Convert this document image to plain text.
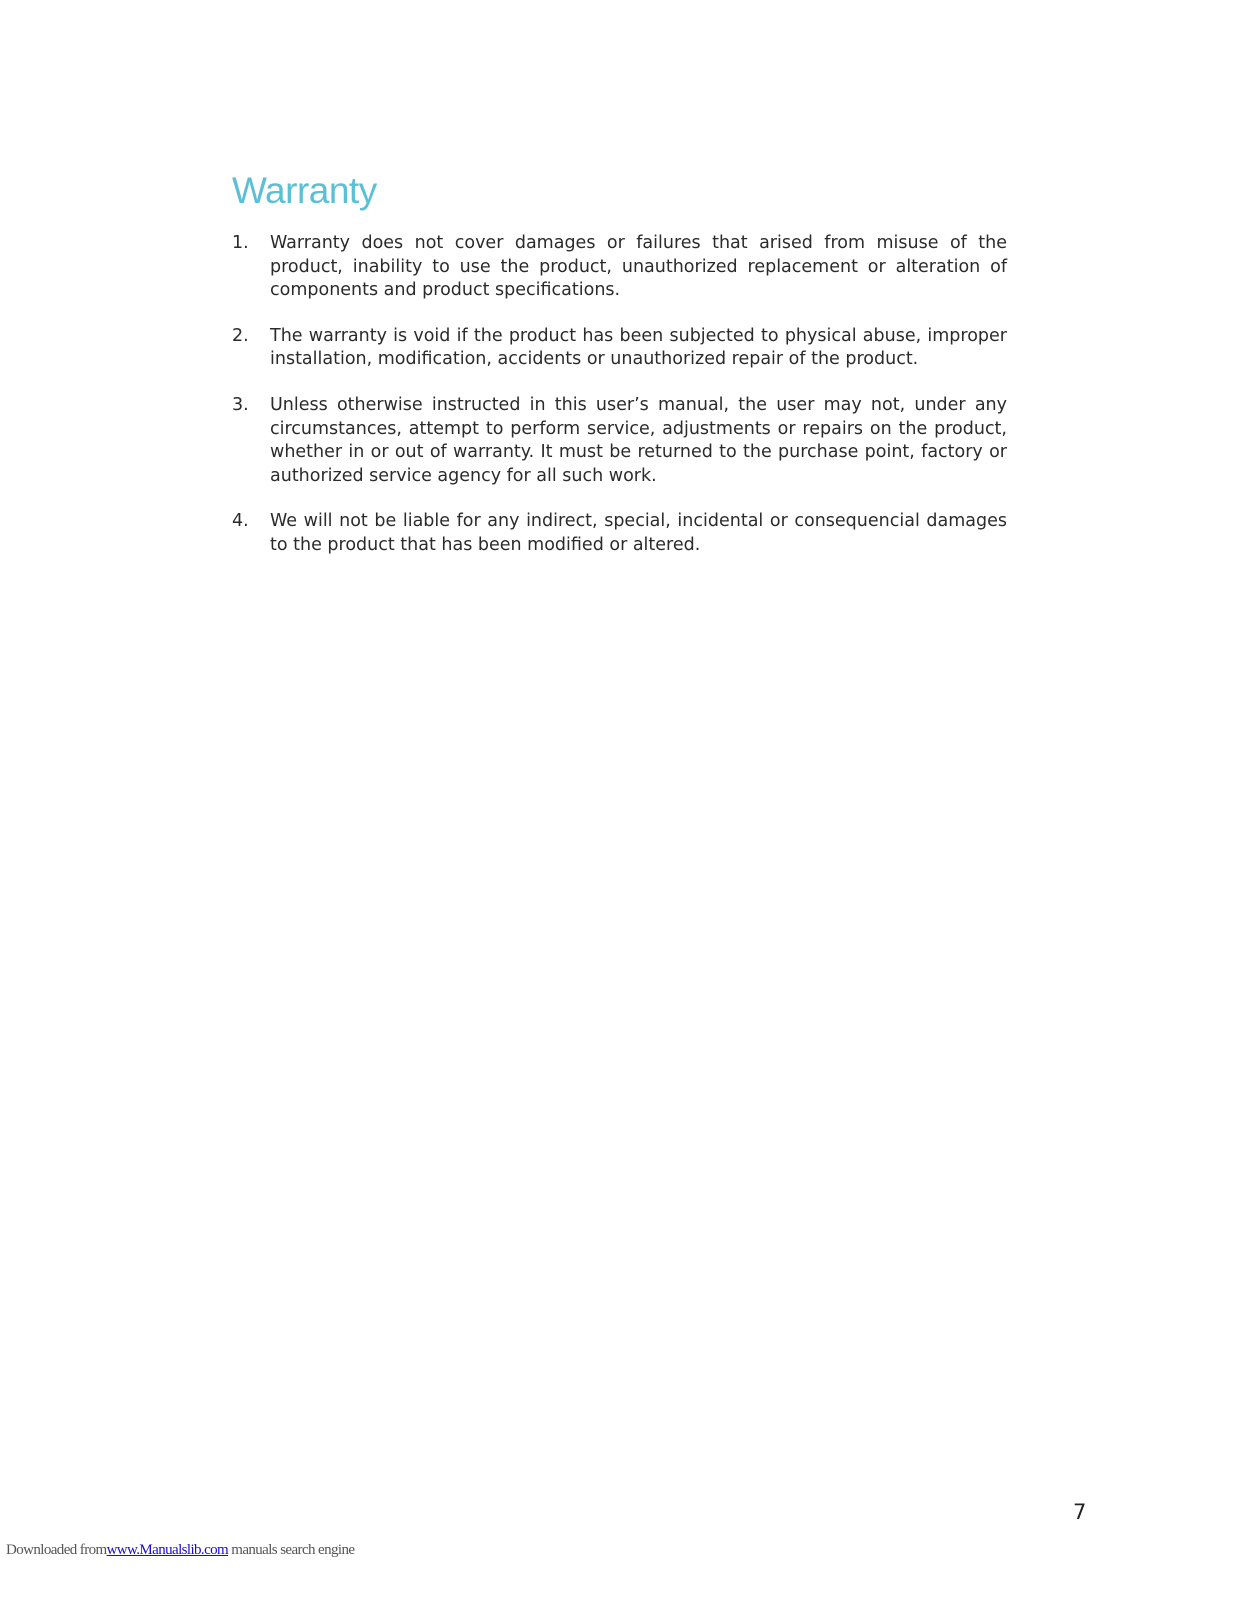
Warranty
1.	Warranty does not cover damages or failures that arised from misuse of the product, inability to use the product, unauthorized replacement or alteration of components and product specifications.
2.	The warranty is void if the product has been subjected to physical abuse, improper installation, modification, accidents or unauthorized repair of the product.
3.	Unless otherwise instructed in this user’s manual, the user may not, under any circumstances, attempt to perform service, adjustments or repairs on the product, whether in or out of warranty. It must be returned to the purchase point, factory or authorized service agency for all such work.
4.	We will not be liable for any indirect, special, incidental or consequencial damages to the product that has been modified or altered.
7
Downloaded fromwww.Manualslib.com manuals search engine
